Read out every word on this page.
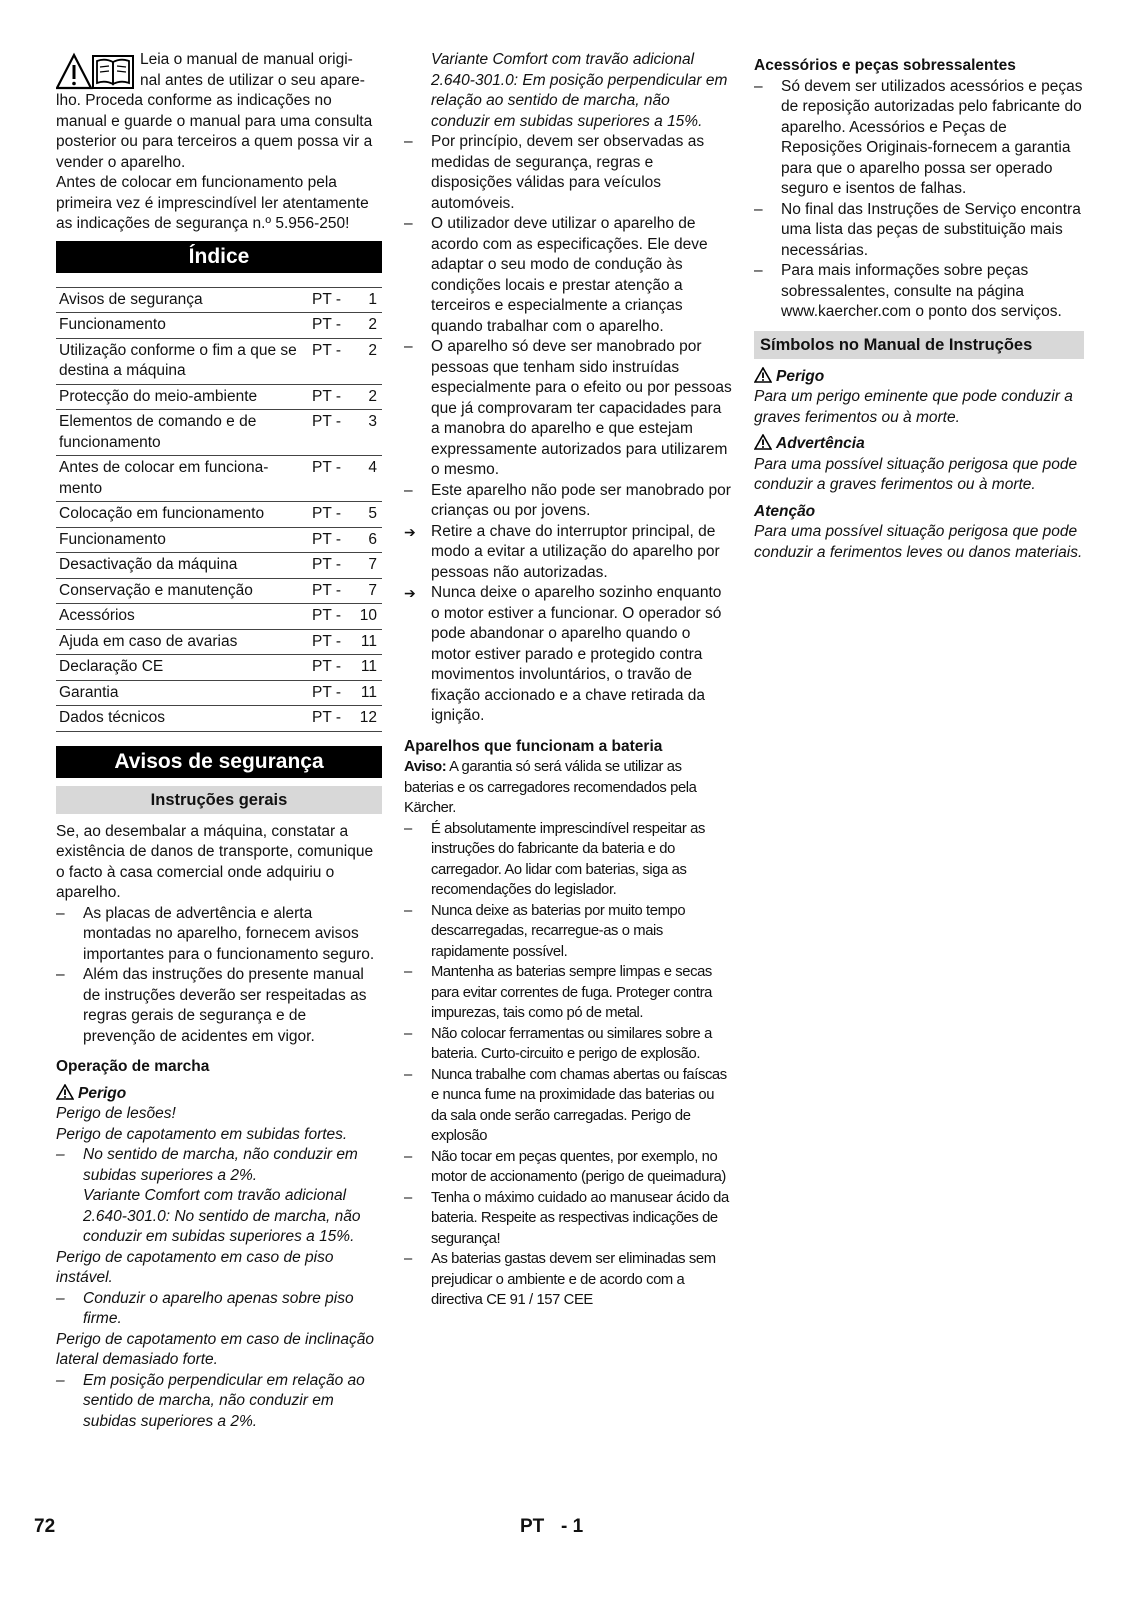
Leia o manual de manual origi-

nal antes de utilizar o seu apare-

lho. Proceda conforme as indicações no manual e guarde o manual para uma consulta posterior ou para terceiros a quem possa vir a vender o aparelho.

Antes de colocar em funcionamento pela primeira vez é imprescindível ler atentamente as indicações de segurança n.º 5.956-250!

Índice
Avisos de segurança	PT -	1
Funcionamento	PT -	2
Utilização conforme o fim a que se destina a máquina	PT -	2
Protecção do meio-ambiente	PT -	2
Elementos de comando e de funcionamento	PT -	3
Antes de colocar em funciona-mento	PT -	4
Colocação em funcionamento	PT -	5
Funcionamento	PT -	6
Desactivação da máquina	PT -	7
Conservação e manutenção	PT -	7
Acessórios	PT -	10
Ajuda em caso de avarias	PT -	11
Declaração CE	PT -	11
Garantia	PT -	11
Dados técnicos	PT -	12
Avisos de segurança
Instruções gerais

Se, ao desembalar a máquina, constatar a existência de danos de transporte, comunique o facto à casa comercial onde adquiriu o aparelho.

– As placas de advertência e alerta montadas no aparelho, fornecem avisos importantes para o funcionamento seguro.
– Além das instruções do presente manual de instruções deverão ser respeitadas as regras gerais de segurança e de prevenção de acidentes em vigor.

Operação de marcha

Perigo

Perigo de lesões!

Perigo de capotamento em subidas fortes.

– No sentido de marcha, não conduzir em subidas superiores a 2%.
Variante Comfort com travão adicional 2.640-301.0: No sentido de marcha, não conduzir em subidas superiores a 15%.

Perigo de capotamento em caso de piso instável.

– Conduzir o aparelho apenas sobre piso firme.

Perigo de capotamento em caso de inclinação lateral demasiado forte.

– Em posição perpendicular em relação ao sentido de marcha, não conduzir em subidas superiores a 2%.
Variante Comfort com travão adicional 2.640-301.0: Em posição perpendicular em relação ao sentido de marcha, não conduzir em subidas superiores a 15%.
– Por princípio, devem ser observadas as medidas de segurança, regras e disposições válidas para veículos automóveis.
– O utilizador deve utilizar o aparelho de acordo com as especificações. Ele deve adaptar o seu modo de condução às condições locais e prestar atenção a terceiros e especialmente a crianças quando trabalhar com o aparelho.
– O aparelho só deve ser manobrado por pessoas que tenham sido instruídas especialmente para o efeito ou por pessoas que já comprovaram ter capacidades para a manobra do aparelho e que estejam expressamente autorizados para utilizarem o mesmo.
– Este aparelho não pode ser manobrado por crianças ou por jovens.
➔ Retire a chave do interruptor principal, de modo a evitar a utilização do aparelho por pessoas não autorizadas.
➔ Nunca deixe o aparelho sozinho enquanto o motor estiver a funcionar. O operador só pode abandonar o aparelho quando o motor estiver parado e protegido contra movimentos involuntários, o travão de fixação accionado e a chave retirada da ignição.

Aparelhos que funcionam a bateria

Aviso: A garantia só será válida se utilizar as baterias e os carregadores recomendados pela Kärcher.

– É absolutamente imprescindível respeitar as instruções do fabricante da bateria e do carregador. Ao lidar com baterias, siga as recomendações do legislador.
– Nunca deixe as baterias por muito tempo descarregadas, recarregue-as o mais rapidamente possível.
– Mantenha as baterias sempre limpas e secas para evitar correntes de fuga. Proteger contra impurezas, tais como pó de metal.
– Não colocar ferramentas ou similares sobre a bateria. Curto-circuito e perigo de explosão.
– Nunca trabalhe com chamas abertas ou faíscas e nunca fume na proximidade das baterias ou da sala onde serão carregadas. Perigo de explosão
– Não tocar em peças quentes, por exemplo, no motor de accionamento (perigo de queimadura)
– Tenha o máximo cuidado ao manusear ácido da bateria. Respeite as respectivas indicações de segurança!
– As baterias gastas devem ser eliminadas sem prejudicar o ambiente e de acordo com a directiva CE 91 / 157 CEE

Acessórios e peças sobressalentes

– Só devem ser utilizados acessórios e peças de reposição autorizadas pelo fabricante do aparelho. Acessórios e Peças de Reposições Originais-fornecem a garantia para que o aparelho possa ser operado seguro e isentos de falhas.
– No final das Instruções de Serviço encontra uma lista das peças de substituição mais necessárias.
– Para mais informações sobre peças sobressalentes, consulte na página www.kaercher.com o ponto dos serviços.
Símbolos no Manual de Instruções

Perigo

Para um perigo eminente que pode conduzir a graves ferimentos ou à morte.

Advertência

Para uma possível situação perigosa que pode conduzir a graves ferimentos ou à morte.

Atenção

Para uma possível situação perigosa que pode conduzir a ferimentos leves ou danos materiais.

72	PT - 1
